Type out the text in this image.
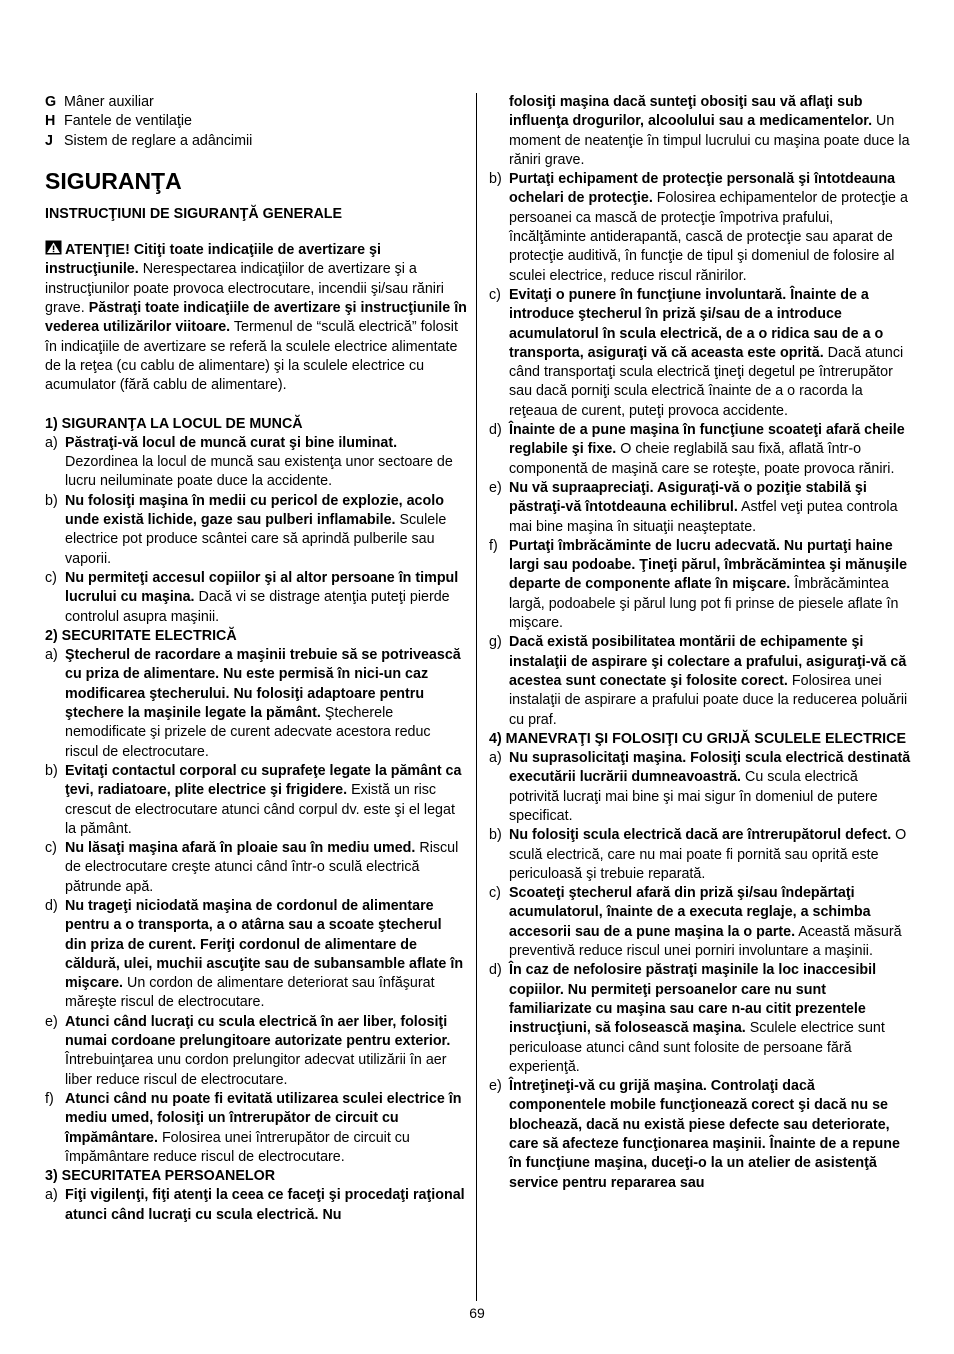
G Mâner auxiliar
H Fantele de ventilaţie
J Sistem de reglare a adâncimii
SIGURANŢA
INSTRUCŢIUNI DE SIGURANŢĂ GENERALE
ATENŢIE! Citiţi toate indicaţiile de avertizare şi instrucţiunile. Nerespectarea indicaţiilor de avertizare şi a instrucţiunilor poate provoca electrocutare, incendii şi/sau răniri grave. Păstraţi toate indicaţiile de avertizare şi instrucţiunile în vederea utilizărilor viitoare. Termenul de “sculă electrică” folosit în indicaţiile de avertizare se referă la sculele electrice alimentate de la reţea (cu cablu de alimentare) şi la sculele electrice cu acumulator (fără cablu de alimentare).
1) SIGURANŢA LA LOCUL DE MUNCĂ
a) Păstraţi-vă locul de muncă curat şi bine iluminat. Dezordinea la locul de muncă sau existenţa unor sectoare de lucru neiluminate poate duce la accidente.
b) Nu folosiţi maşina în medii cu pericol de explozie, acolo unde există lichide, gaze sau pulberi inflamabile. Sculele electrice pot produce scântei care să aprindă pulberile sau vaporii.
c) Nu permiteţi accesul copiilor şi al altor persoane în timpul lucrului cu maşina. Dacă vi se distrage atenţia puteţi pierde controlul asupra maşinii.
2) SECURITATE ELECTRICĂ
a) Ştecherul de racordare a maşinii trebuie să se potrivească cu priza de alimentare. Nu este permisă în nici-un caz modificarea ştecherului. Nu folosiţi adaptoare pentru ştechere la maşinile legate la pământ. Ştecherele nemodificate şi prizele de curent adecvate acestora reduc riscul de electrocutare.
b) Evitaţi contactul corporal cu suprafeţe legate la pământ ca ţevi, radiatoare, plite electrice şi frigidere. Există un risc crescut de electrocutare atunci când corpul dv. este şi el legat la pământ.
c) Nu lăsaţi maşina afară în ploaie sau în mediu umed. Riscul de electrocutare creşte atunci când într-o sculă electrică pătrunde apă.
d) Nu trageţi niciodată maşina de cordonul de alimentare pentru a o transporta, a o atârna sau a scoate ştecherul din priza de curent. Feriţi cordonul de alimentare de căldură, ulei, muchii ascuţite sau de subansamble aflate în mişcare. Un cordon de alimentare deteriorat sau înfăşurat măreşte riscul de electrocutare.
e) Atunci când lucraţi cu scula electrică în aer liber, folosiţi numai cordoane prelungitoare autorizate pentru exterior. Întrebuinţarea unu cordon prelungitor adecvat utilizării în aer liber reduce riscul de electrocutare.
f) Atunci când nu poate fi evitată utilizarea sculei electrice în mediu umed, folosiţi un întrerupător de circuit cu împământare. Folosirea unei întrerupător de circuit cu împământare reduce riscul de electrocutare.
3) SECURITATEA PERSOANELOR
a) Fiţi vigilenţi, fiţi atenţi la ceea ce faceţi şi procedaţi raţional atunci când lucraţi cu scula electrică. Nu
folosiţi maşina dacă sunteţi obosiţi sau vă aflaţi sub influenţa drogurilor, alcoolului sau a medicamentelor. Un moment de neatenţie în timpul lucrului cu maşina poate duce la răniri grave.
b) Purtaţi echipament de protecţie personală şi întotdeauna ochelari de protecţie. Folosirea echipamentelor de protecţie a persoanei ca mască de protecţie împotriva prafului, încălţăminte antiderapantă, cască de protecţie sau aparat de protecţie auditivă, în funcţie de tipul şi domeniul de folosire al sculei electrice, reduce riscul rănirilor.
c) Evitaţi o punere în funcţiune involuntară. Înainte de a introduce ştecherul în priză şi/sau de a introduce acumulatorul în scula electrică, de a o ridica sau de a o transporta, asiguraţi vă că aceasta este oprită. Dacă atunci când transportaţi scula electrică ţineţi degetul pe întrerupător sau dacă porniţi scula electrică înainte de a o racorda la reţeaua de curent, puteţi provoca accidente.
d) Înainte de a pune maşina în funcţiune scoateţi afară cheile reglabile şi fixe. O cheie reglabilă sau fixă, aflată într-o componentă de maşină care se roteşte, poate provoca răniri.
e) Nu vă supraapreciaţi. Asiguraţi-vă o poziţie stabilă şi păstraţi-vă întotdeauna echilibrul. Astfel veţi putea controla mai bine maşina în situaţii neaşteptate.
f) Purtaţi îmbrăcăminte de lucru adecvată. Nu purtaţi haine largi sau podoabe. Ţineţi părul, îmbrăcămintea şi mănuşile departe de componente aflate în mişcare. Îmbrăcămintea largă, podoabele şi părul lung pot fi prinse de piesele aflate în mişcare.
g) Dacă există posibilitatea montării de echipamente şi instalaţii de aspirare şi colectare a prafului, asiguraţi-vă că acestea sunt conectate şi folosite corect. Folosirea unei instalaţii de aspirare a prafului poate duce la reducerea poluării cu praf.
4) MANEVRAŢI ŞI FOLOSIŢI CU GRIJĂ SCULELE ELECTRICE
a) Nu suprasolicitaţi maşina. Folosiţi scula electrică destinată executării lucrării dumneavoastră. Cu scula electrică potrivită lucraţi mai bine şi mai sigur în domeniul de putere specificat.
b) Nu folosiţi scula electrică dacă are întrerupătorul defect. O sculă electrică, care nu mai poate fi pornită sau oprită este periculoasă şi trebuie reparată.
c) Scoateţi ştecherul afară din priză şi/sau îndepărtaţi acumulatorul, înainte de a executa reglaje, a schimba accesorii sau de a pune maşina la o parte. Această măsură preventivă reduce riscul unei porniri involuntare a maşinii.
d) În caz de nefolosire păstraţi maşinile la loc inaccesibil copiilor. Nu permiteţi persoanelor care nu sunt familiarizate cu maşina sau care n-au citit prezentele instrucţiuni, să folosească maşina. Sculele electrice sunt periculoase atunci când sunt folosite de persoane fără experienţă.
e) Întreţineţi-vă cu grijă maşina. Controlaţi dacă componentele mobile funcţionează corect şi dacă nu se blochează, dacă nu există piese defecte sau deteriorate, care să afecteze funcţionarea maşinii. Înainte de a repune în funcţiune maşina, duceţi-o la un atelier de asistenţă service pentru repararea sau
69
